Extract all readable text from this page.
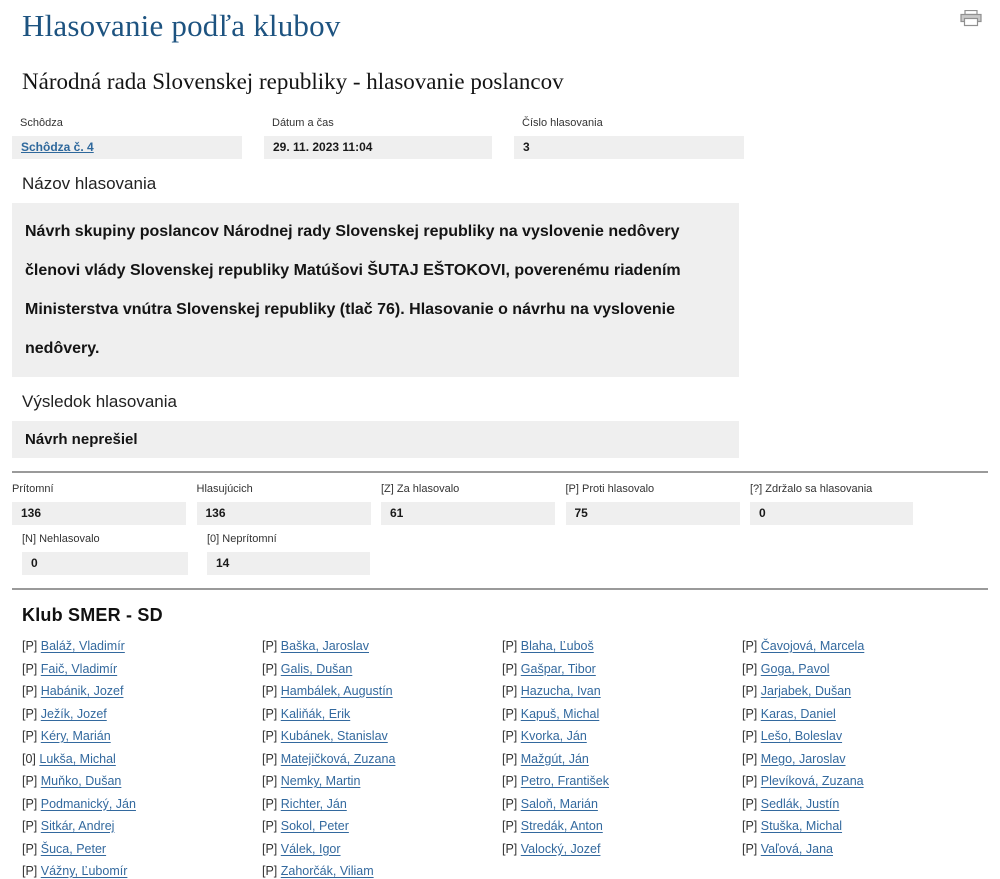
Hlasovanie podľa klubov
Národná rada Slovenskej republiky - hlasovanie poslancov
Schôdza
Schôdza č. 4
Dátum a čas
29. 11. 2023 11:04
Číslo hlasovania
3
Názov hlasovania
Návrh skupiny poslancov Národnej rady Slovenskej republiky na vyslovenie nedôvery členovi vlády Slovenskej republiky Matúšovi ŠUTAJ EŠTOKOVI, poverenému riadením Ministerstva vnútra Slovenskej republiky (tlač 76). Hlasovanie o návrhu na vyslovenie nedôvery.
Výsledok hlasovania
Návrh neprešiel
Prítomní
136
Hlasujúcich
136
[Z] Za hlasovalo
61
[P] Proti hlasovalo
75
[?] Zdržalo sa hlasovania
0
[N] Nehlasovalo
0
[0] Neprítomní
14
Klub SMER - SD
[P] Baláž, Vladimír	[P] Baška, Jaroslav	[P] Blaha, Ľuboš	[P] Čavojová, Marcela
[P] Faič, Vladimír	[P] Galis, Dušan	[P] Gašpar, Tibor	[P] Goga, Pavol
[P] Habánik, Jozef	[P] Hambálek, Augustín	[P] Hazucha, Ivan	[P] Jarjabek, Dušan
[P] Ježík, Jozef	[P] Kaliňák, Erik	[P] Kapuš, Michal	[P] Karas, Daniel
[P] Kéry, Marián	[P] Kubánek, Stanislav	[P] Kvorka, Ján	[P] Lešo, Boleslav
[0] Lukša, Michal	[P] Matejičková, Zuzana	[P] Mažgút, Ján	[P] Mego, Jaroslav
[P] Muňko, Dušan	[P] Nemky, Martin	[P] Petro, František	[P] Plevíková, Zuzana
[P] Podmanický, Ján	[P] Richter, Ján	[P] Saloň, Marián	[P] Sedlák, Justín
[P] Sitkár, Andrej	[P] Sokol, Peter	[P] Stredák, Anton	[P] Stuška, Michal
[P] Šuca, Peter	[P] Válek, Igor	[P] Valocký, Jozef	[P] Vaľová, Jana
[P] Vážny, Ľubomír	[P] Zahorčák, Viliam
